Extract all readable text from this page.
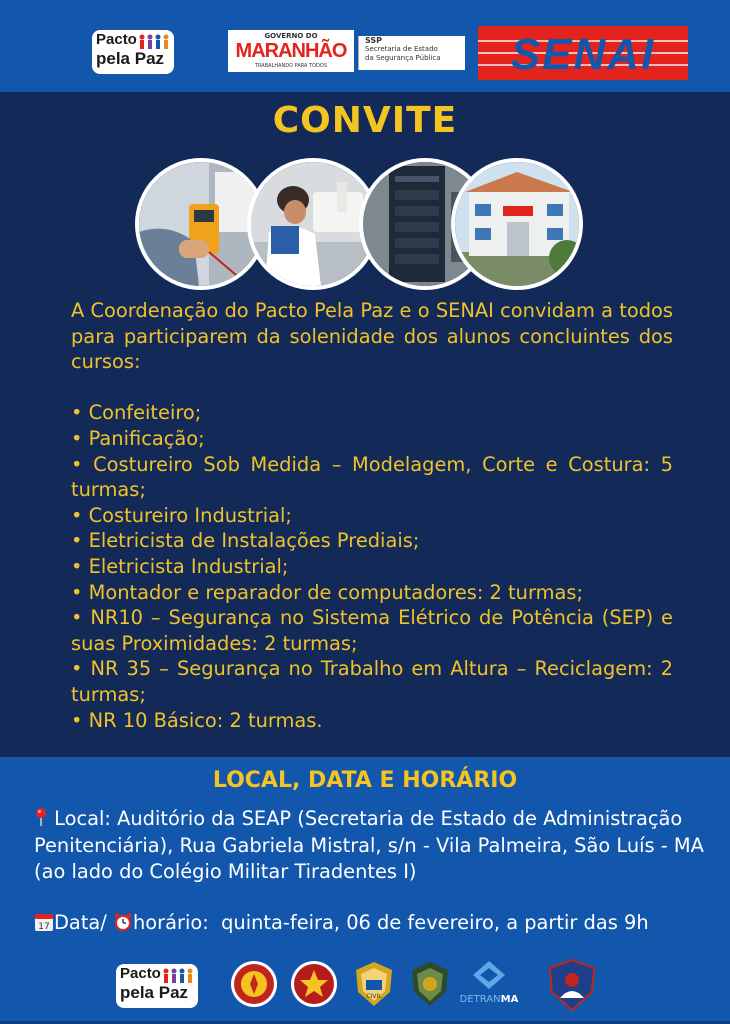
Pacto
pela Paz
GOVERNO DO
MARANHÃO
TRABALHANDO PARA TODOS
SSP
Secretaria de Estado
da Segurança Pública	SENAI
CONVITE

A Coordenação do Pacto Pela Paz e o SENAI convidam a todos para participarem da solenidade dos alunos concluintes dos cursos:

• Confeiteiro;

• Panificação;

• Costureiro Sob Medida – Modelagem, Corte e Costura: 5 turmas;

• Costureiro Industrial;

• Eletricista de Instalações Prediais;

• Eletricista Industrial;

• Montador e reparador de computadores: 2 turmas;

• NR10 – Segurança no Sistema Elétrico de Potência (SEP) e suas Proximidades: 2 turmas;

• NR 35 – Segurança no Trabalho em Altura – Reciclagem: 2 turmas;

• NR 10 Básico: 2 turmas.

LOCAL, DATA E HORÁRIO
Local: Auditório da SEAP (Secretaria de Estado de Administração Penitenciária), Rua Gabriela Mistral, s/n - Vila Palmeira, São Luís - MA (ao lado do Colégio Militar Tiradentes I)
17 Data/ horário: quinta-feira, 06 de fevereiro, a partir das 9h
Pacto
pela Paz	CIVIL	DETRANMA
